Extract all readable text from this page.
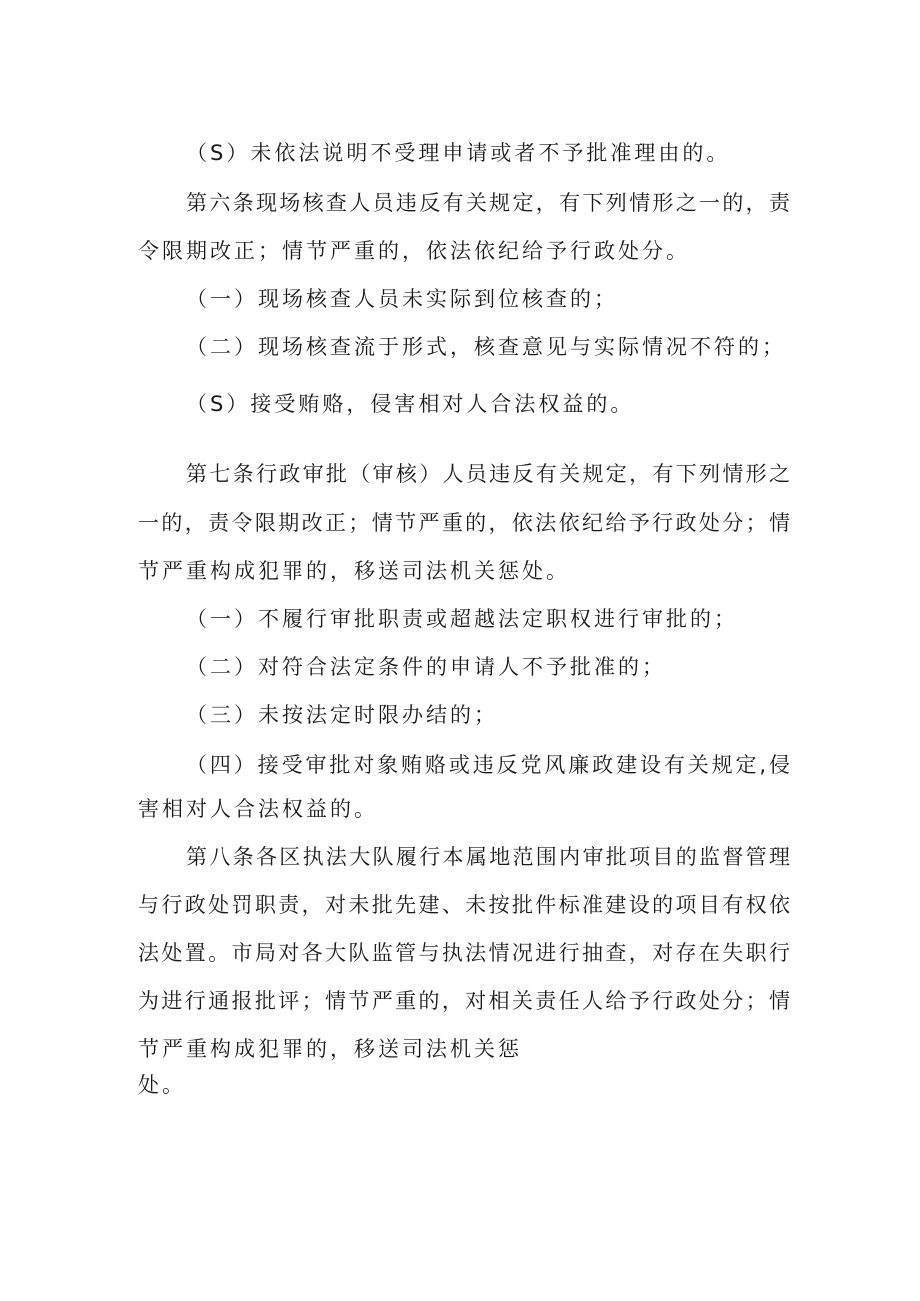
（S）未依法说明不受理申请或者不予批准理由的。
第六条现场核查人员违反有关规定，有下列情形之一的，责
令限期改正；情节严重的，依法依纪给予行政处分。
（一）现场核查人员未实际到位核查的；
（二）现场核查流于形式，核查意见与实际情况不符的；
（S）接受贿赂，侵害相对人合法权益的。
第七条行政审批（审核）人员违反有关规定，有下列情形之
一的，责令限期改正；情节严重的，依法依纪给予行政处分；情
节严重构成犯罪的，移送司法机关惩处。
（一）不履行审批职责或超越法定职权进行审批的；
（二）对符合法定条件的申请人不予批准的；
（三）未按法定时限办结的；
（四）接受审批对象贿赂或违反党风廉政建设有关规定,侵
害相对人合法权益的。
第八条各区执法大队履行本属地范围内审批项目的监督管理
与行政处罚职责，对未批先建、未按批件标准建设的项目有权依
法处置。市局对各大队监管与执法情况进行抽查，对存在失职行
为进行通报批评；情节严重的，对相关责任人给予行政处分；情
节严重构成犯罪的，移送司法机关惩
处。
